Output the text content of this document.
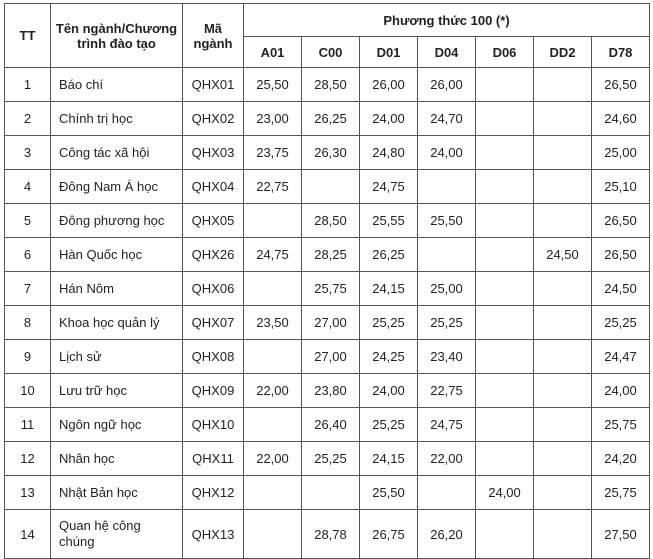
TT	Tên ngành/Chương trình đào tạo	Mã ngành	Phương thức 100 (*)						
			A01	C00	D01	D04	D06	DD2	D78
1	Báo chí	QHX01	25,50	28,50	26,00	26,00			26,50
2	Chính trị học	QHX02	23,00	26,25	24,00	24,70			24,60
3	Công tác xã hội	QHX03	23,75	26,30	24,80	24,00			25,00
4	Đông Nam Á học	QHX04	22,75		24,75				25,10
5	Đông phương học	QHX05		28,50	25,55	25,50			26,50
6	Hàn Quốc học	QHX26	24,75	28,25	26,25			24,50	26,50
7	Hán Nôm	QHX06		25,75	24,15	25,00			24,50
8	Khoa học quản lý	QHX07	23,50	27,00	25,25	25,25			25,25
9	Lịch sử	QHX08		27,00	24,25	23,40			24,47
10	Lưu trữ học	QHX09	22,00	23,80	24,00	22,75			24,00
11	Ngôn ngữ học	QHX10		26,40	25,25	24,75			25,75
12	Nhân học	QHX11	22,00	25,25	24,15	22,00			24,20
13	Nhật Bản học	QHX12			25,50		24,00		25,75
14	Quan hệ công chúng	QHX13		28,78	26,75	26,20			27,50
